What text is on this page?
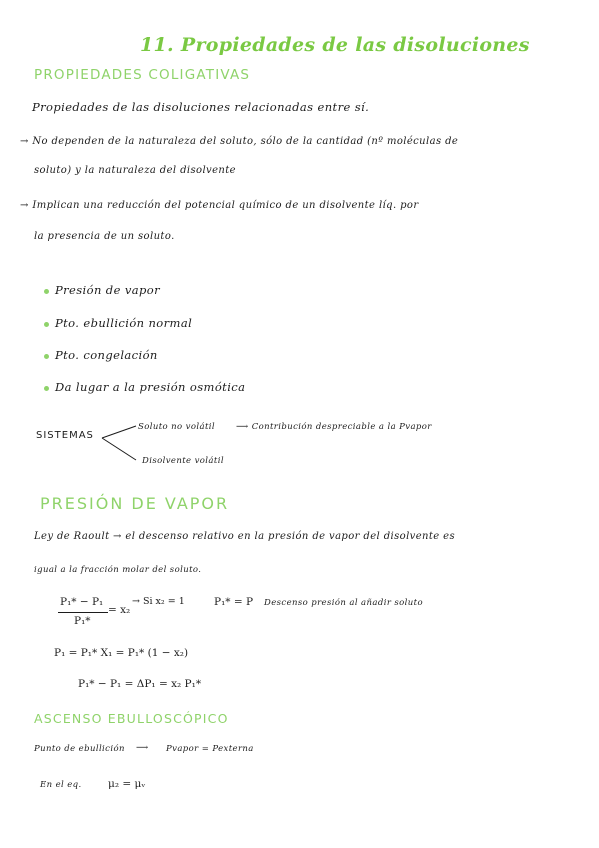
11. Propiedades de las disoluciones
PROPIEDADES COLIGATIVAS
Propiedades de las disoluciones relacionadas entre sí.
→ No dependen de la naturaleza del soluto, sólo de la cantidad (nº moléculas de
soluto) y la naturaleza del disolvente
→ Implican una reducción del potencial químico de un disolvente líq. por
la presencia de un soluto.
Presión de vapor
Pto. ebullición normal
Pto. congelación
Da lugar a la presión osmótica
SISTEMAS
Soluto no volátil ⟶ Contribución despreciable a la Pvapor
Disolvente volátil
PRESIÓN DE VAPOR
Ley de Raoult → el descenso relativo en la presión de vapor del disolvente es
igual a la fracción molar del soluto.
P₁* − P₁
P₁*
= x₂
→ Si x₂ = 1	P₁* = P Descenso presión al añadir soluto
P₁ = P₁* X₁ = P₁* (1 − x₂)
P₁* − P₁ = ΔP₁ = x₂ P₁*
ASCENSO EBULLOSCÓPICO
Punto de ebullición ⟶ Pvapor = Pexterna
En el eq.	μ₂ = μᵥ
